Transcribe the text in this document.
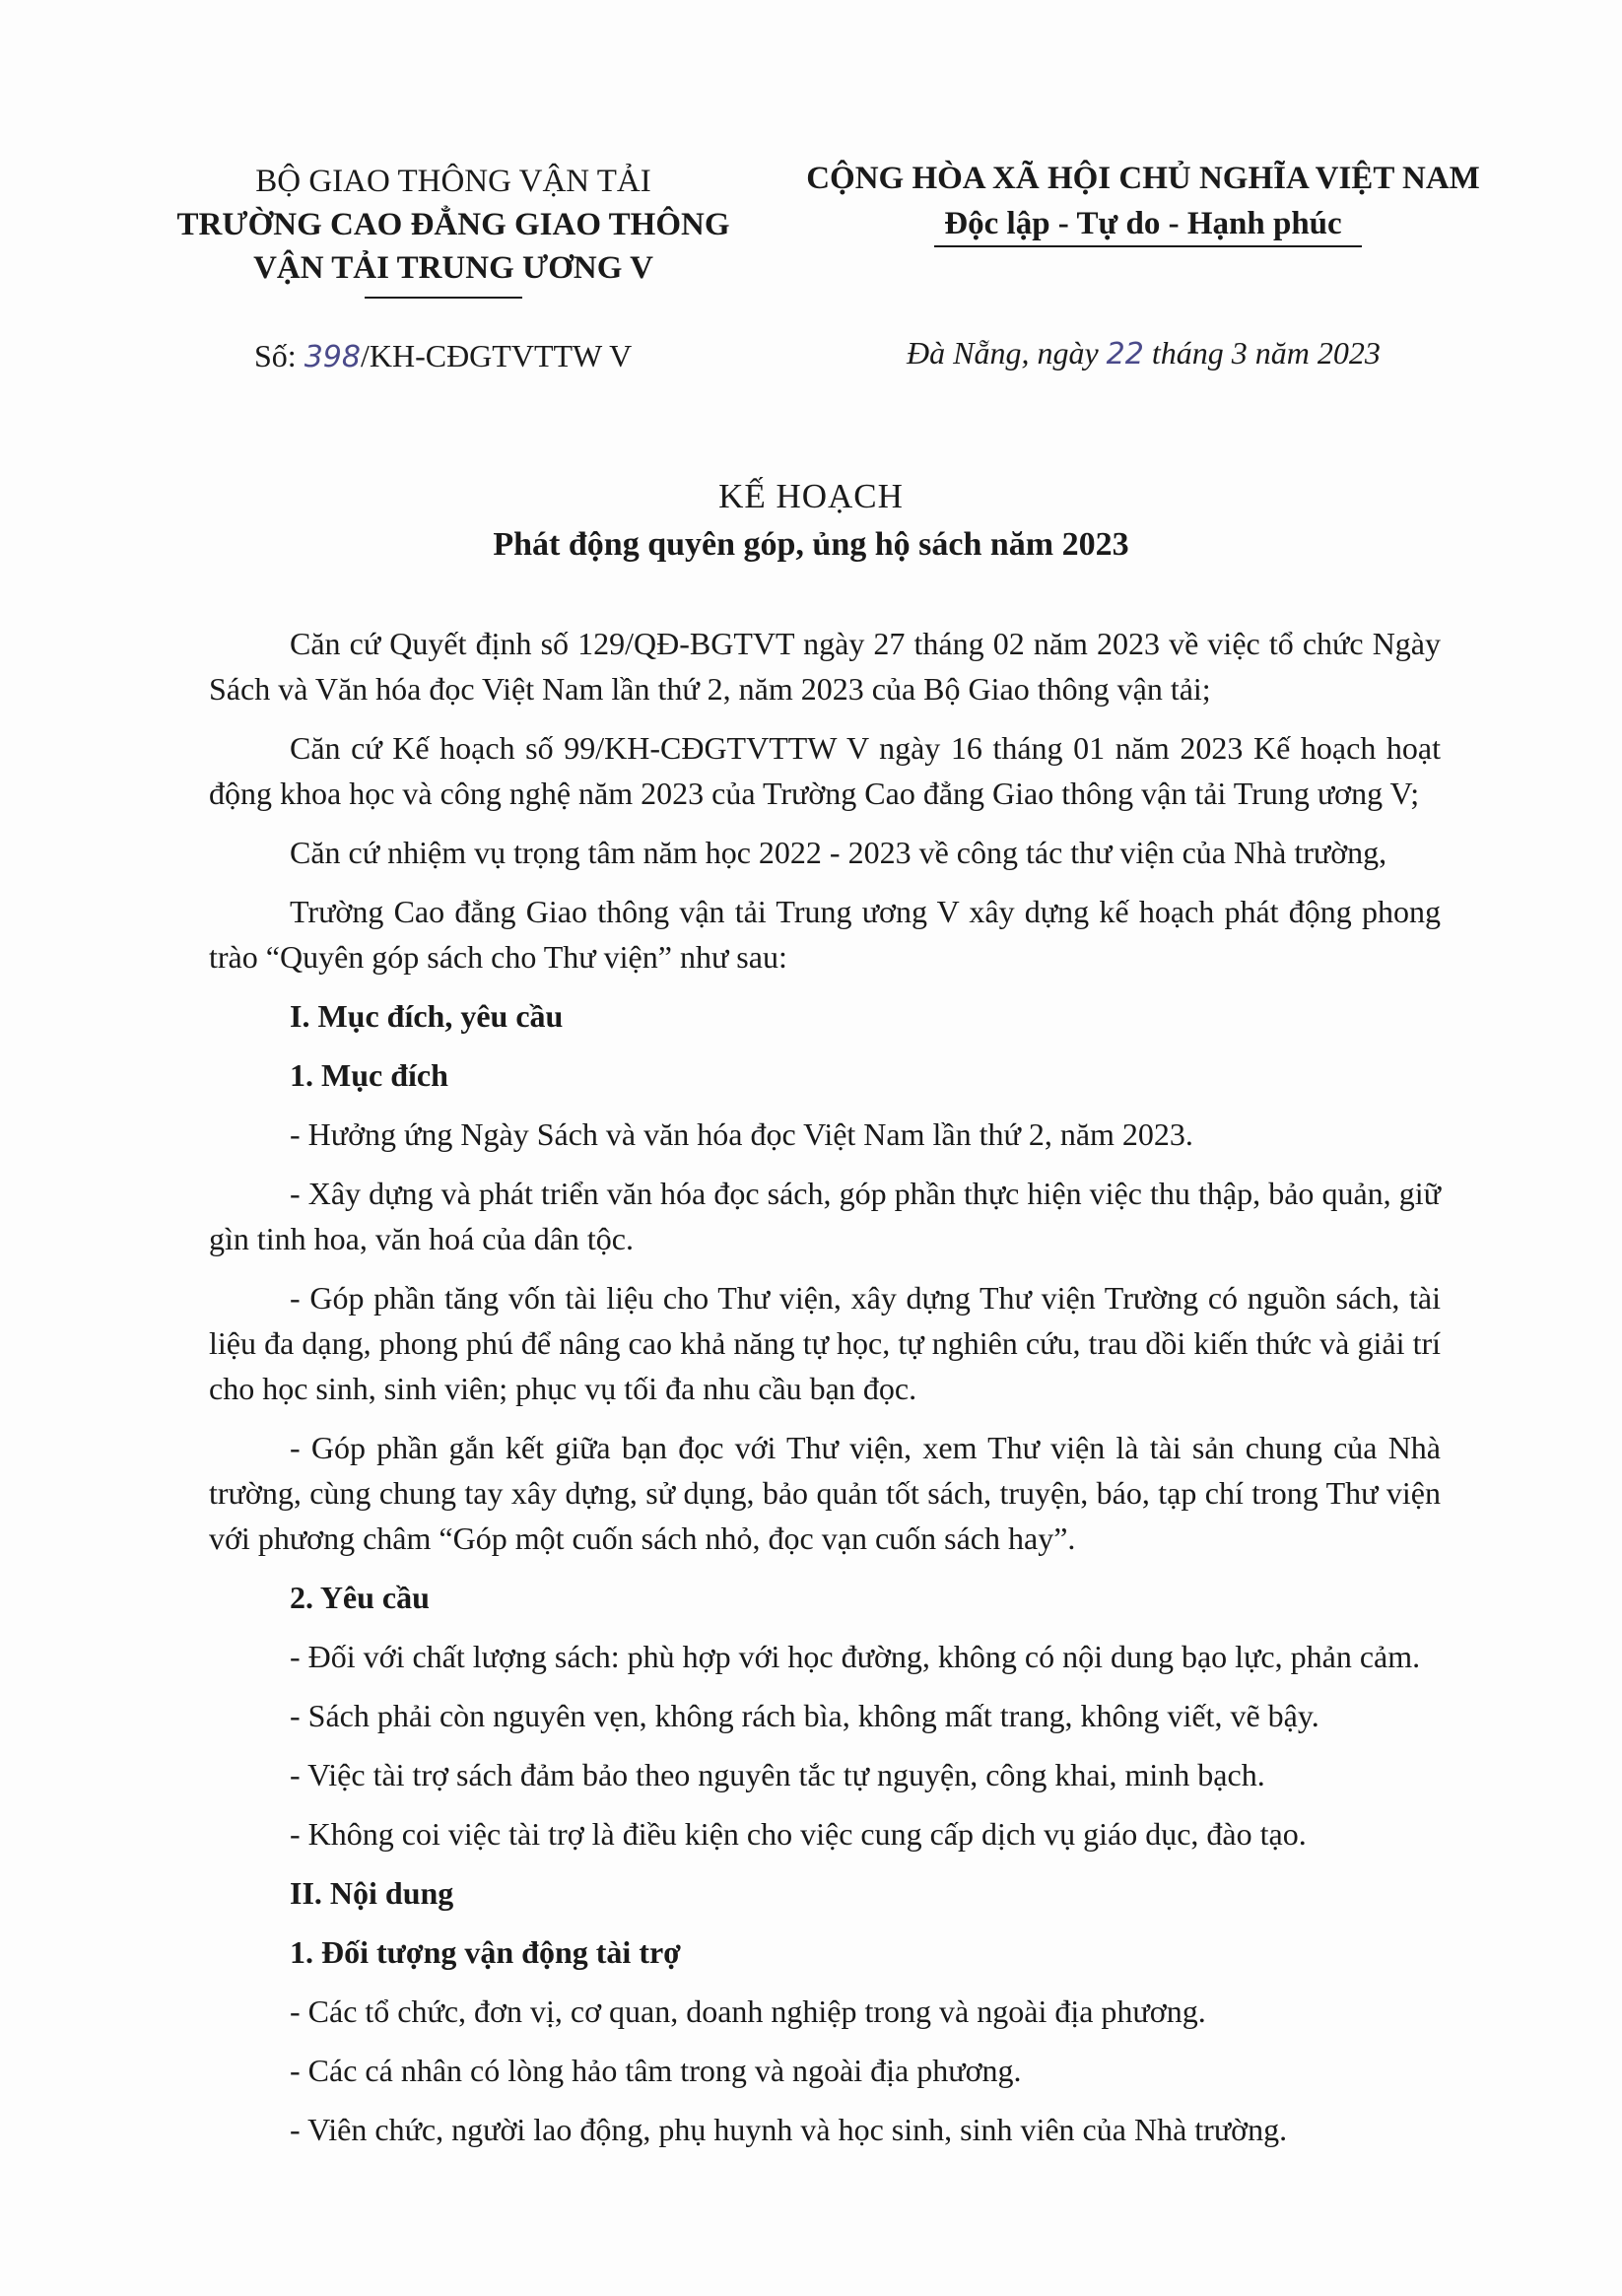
BỘ GIAO THÔNG VẬN TẢI
TRƯỜNG CAO ĐẲNG GIAO THÔNG
VẬN TẢI TRUNG ƯƠNG V
CỘNG HÒA XÃ HỘI CHỦ NGHĨA VIỆT NAM
Độc lập - Tự do - Hạnh phúc
Số: 398/KH-CĐGTVTTW V	Đà Nẵng, ngày 22 tháng 3 năm 2023
KẾ HOẠCH
Phát động quyên góp, ủng hộ sách năm 2023

Căn cứ Quyết định số 129/QĐ-BGTVT ngày 27 tháng 02 năm 2023 về việc tổ chức Ngày Sách và Văn hóa đọc Việt Nam lần thứ 2, năm 2023 của Bộ Giao thông vận tải;

Căn cứ Kế hoạch số 99/KH-CĐGTVTTW V ngày 16 tháng 01 năm 2023 Kế hoạch hoạt động khoa học và công nghệ năm 2023 của Trường Cao đẳng Giao thông vận tải Trung ương V;

Căn cứ nhiệm vụ trọng tâm năm học 2022 - 2023 về công tác thư viện của Nhà trường,

Trường Cao đẳng Giao thông vận tải Trung ương V xây dựng kế hoạch phát động phong trào “Quyên góp sách cho Thư viện” như sau:

I. Mục đích, yêu cầu

1. Mục đích

- Hưởng ứng Ngày Sách và văn hóa đọc Việt Nam lần thứ 2, năm 2023.

- Xây dựng và phát triển văn hóa đọc sách, góp phần thực hiện việc thu thập, bảo quản, giữ gìn tinh hoa, văn hoá của dân tộc.

- Góp phần tăng vốn tài liệu cho Thư viện, xây dựng Thư viện Trường có nguồn sách, tài liệu đa dạng, phong phú để nâng cao khả năng tự học, tự nghiên cứu, trau dồi kiến thức và giải trí cho học sinh, sinh viên; phục vụ tối đa nhu cầu bạn đọc.

- Góp phần gắn kết giữa bạn đọc với Thư viện, xem Thư viện là tài sản chung của Nhà trường, cùng chung tay xây dựng, sử dụng, bảo quản tốt sách, truyện, báo, tạp chí trong Thư viện với phương châm “Góp một cuốn sách nhỏ, đọc vạn cuốn sách hay”.

2. Yêu cầu

- Đối với chất lượng sách: phù hợp với học đường, không có nội dung bạo lực, phản cảm.

- Sách phải còn nguyên vẹn, không rách bìa, không mất trang, không viết, vẽ bậy.

- Việc tài trợ sách đảm bảo theo nguyên tắc tự nguyện, công khai, minh bạch.

- Không coi việc tài trợ là điều kiện cho việc cung cấp dịch vụ giáo dục, đào tạo.

II. Nội dung

1. Đối tượng vận động tài trợ

- Các tổ chức, đơn vị, cơ quan, doanh nghiệp trong và ngoài địa phương.

- Các cá nhân có lòng hảo tâm trong và ngoài địa phương.

- Viên chức, người lao động, phụ huynh và học sinh, sinh viên của Nhà trường.
